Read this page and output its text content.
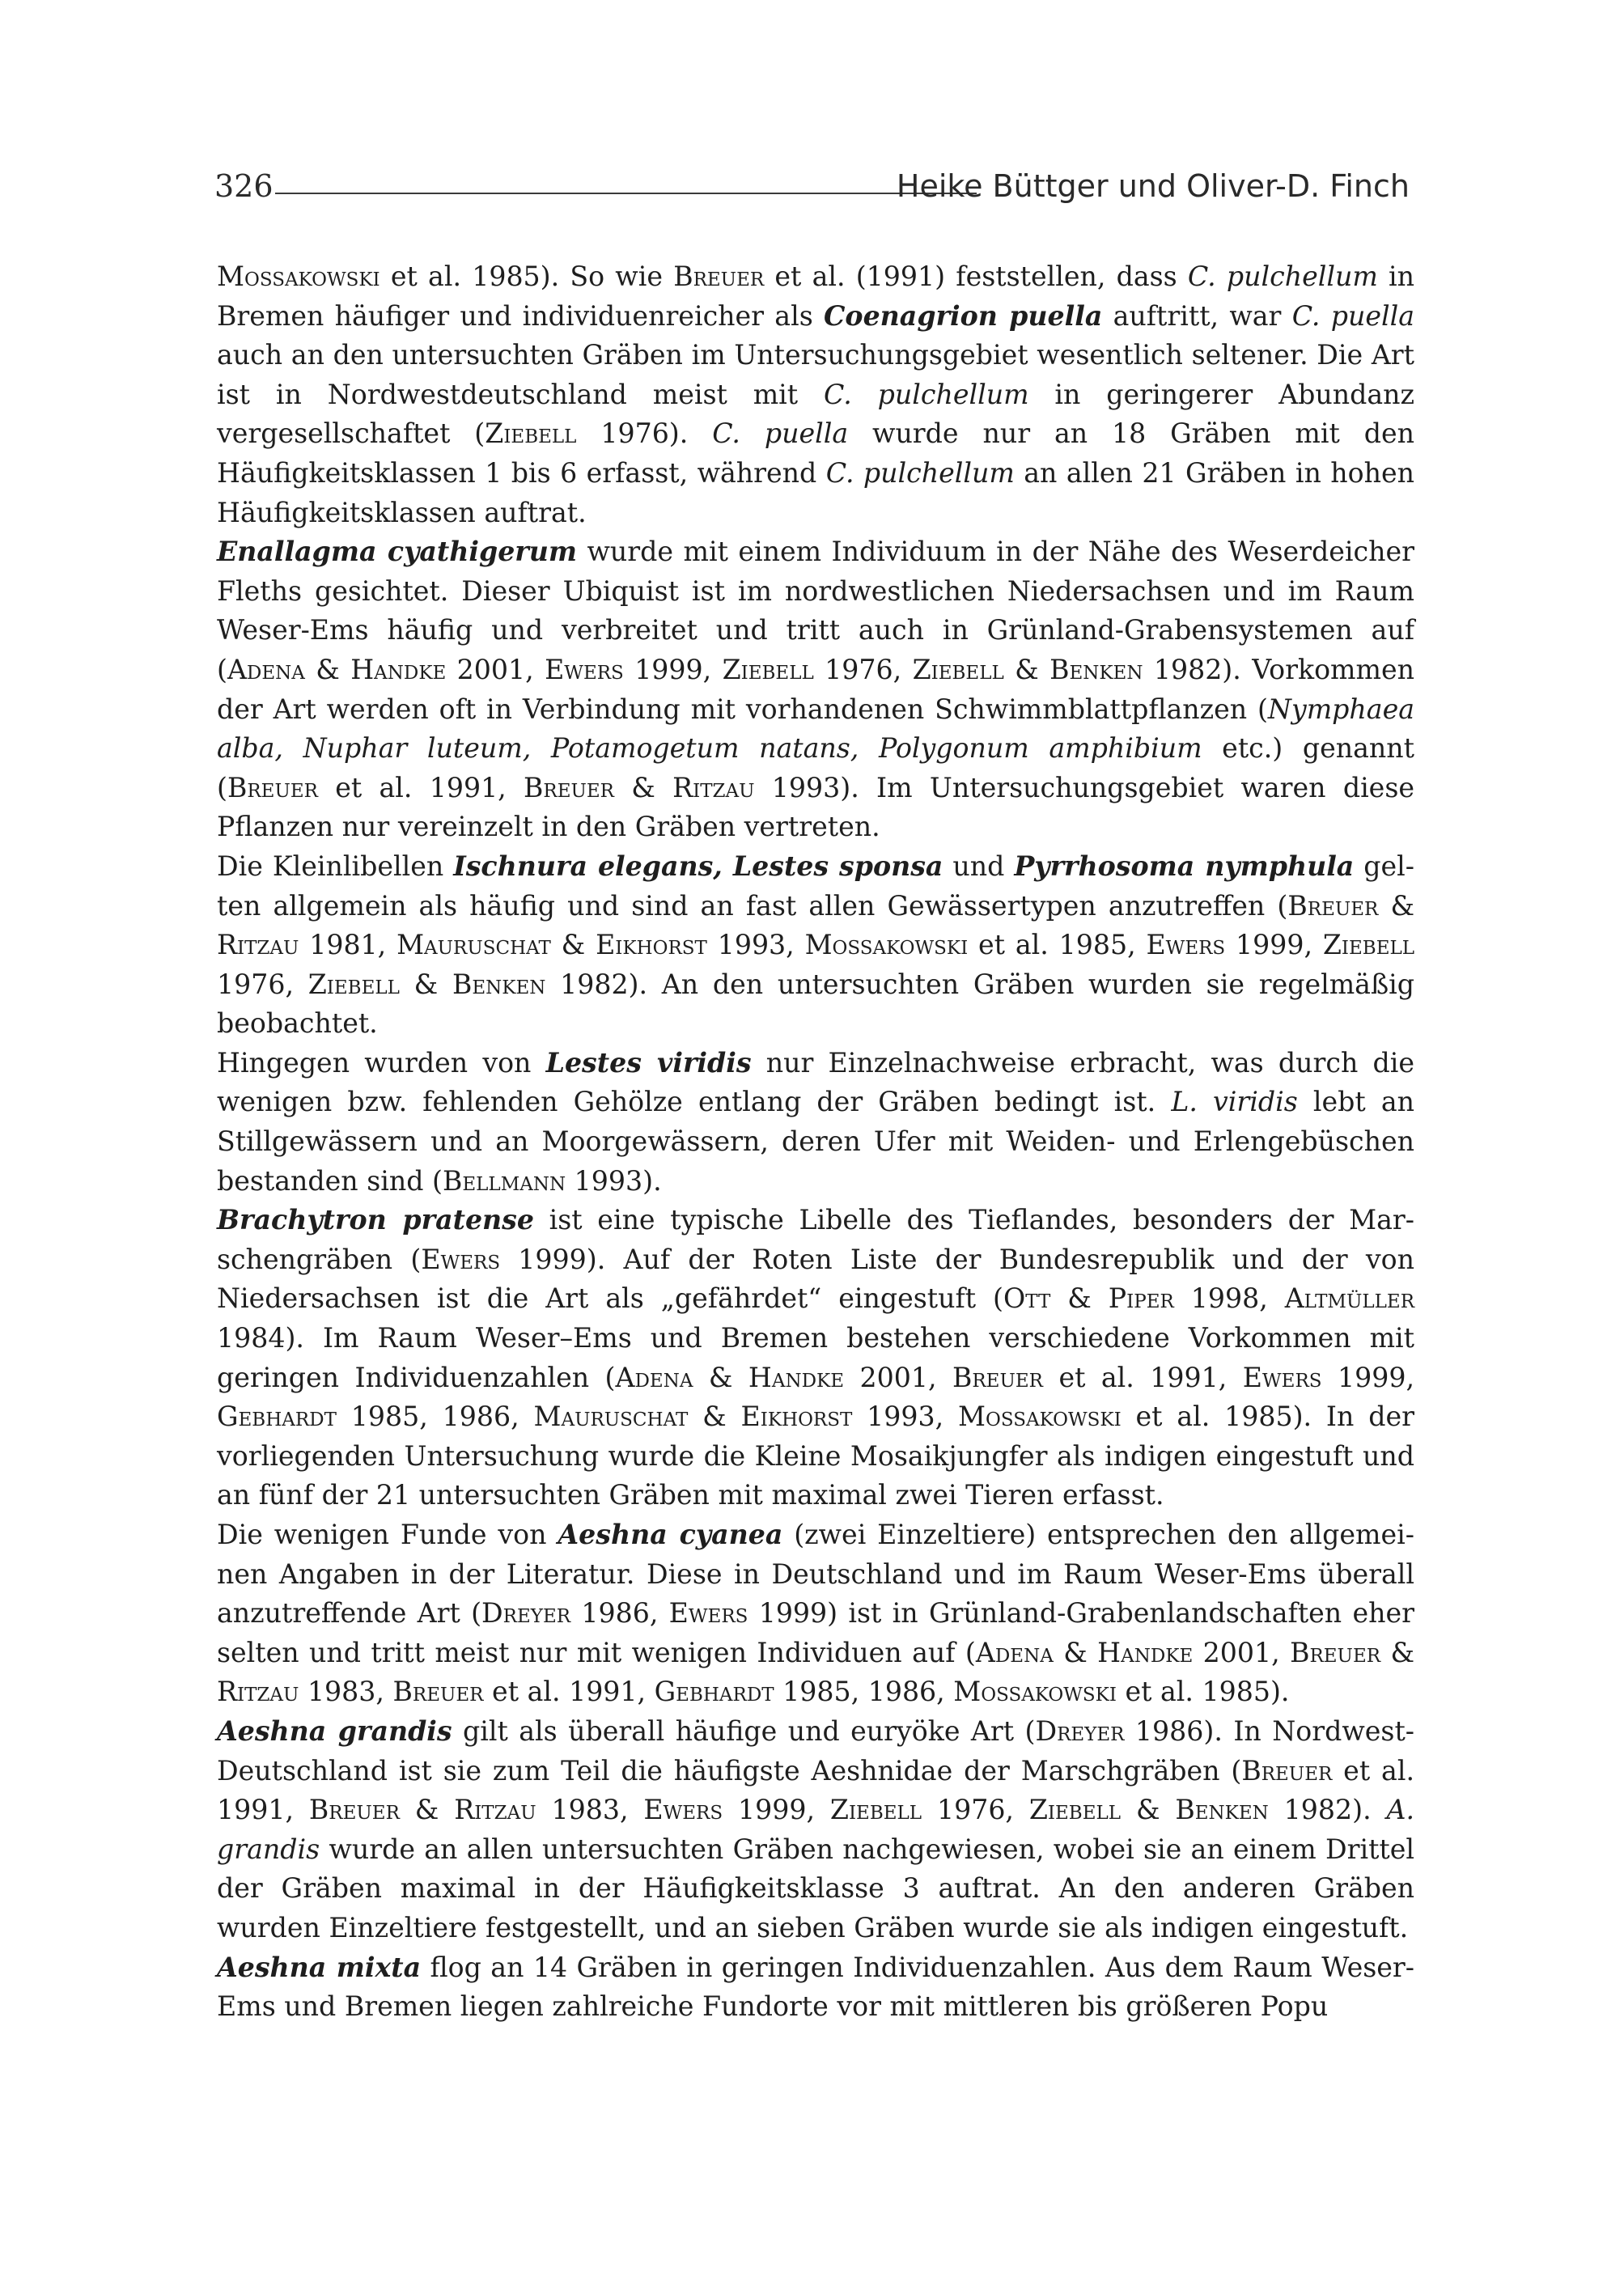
326	Heike Büttger und Oliver-D. Finch

Mossakowski et al. 1985). So wie Breuer et al. (1991) feststellen, dass C. pulchellum in Bremen häufiger und individuenreicher als Coenagrion puella auftritt, war C. puella auch an den untersuchten Gräben im Untersuchungsgebiet wesentlich seltener. Die Art ist in Nordwestdeutschland meist mit C. pulchellum in geringerer Abundanz vergesellschaftet (Ziebell 1976). C. puella wurde nur an 18 Gräben mit den Häufigkeitsklassen 1 bis 6 erfasst, während C. pulchellum an allen 21 Gräben in hohen Häufigkeitsklassen auftrat.

Enallagma cyathigerum wurde mit einem Individuum in der Nähe des Weserdeicher Fleths gesichtet. Dieser Ubiquist ist im nordwestlichen Niedersachsen und im Raum Weser-Ems häufig und verbreitet und tritt auch in Grünland-Grabensystemen auf (Adena & Handke 2001, Ewers 1999, Ziebell 1976, Ziebell & Benken 1982). Vorkommen der Art werden oft in Verbindung mit vorhandenen Schwimmblattpflanzen (Nymphaea alba, Nuphar luteum, Potamogetum natans, Polygonum amphibium etc.) genannt (Breuer et al. 1991, Breuer & Ritzau 1993). Im Untersuchungsgebiet waren diese Pflanzen nur vereinzelt in den Gräben vertreten.

Die Kleinlibellen Ischnura elegans, Lestes sponsa und Pyrrhosoma nymphula gelten allgemein als häufig und sind an fast allen Gewässertypen anzutreffen (Breuer & Ritzau 1981, Mauruschat & Eikhorst 1993, Mossakowski et al. 1985, Ewers 1999, Ziebell 1976, Ziebell & Benken 1982). An den untersuchten Gräben wurden sie regelmäßig beobachtet.

Hingegen wurden von Lestes viridis nur Einzelnachweise erbracht, was durch die wenigen bzw. fehlenden Gehölze entlang der Gräben bedingt ist. L. viridis lebt an Stillgewässern und an Moorgewässern, deren Ufer mit Weiden- und Erlengebüschen bestanden sind (Bellmann 1993).

Brachytron pratense ist eine typische Libelle des Tieflandes, besonders der Marschengräben (Ewers 1999). Auf der Roten Liste der Bundesrepublik und der von Niedersachsen ist die Art als „gefährdet“ eingestuft (Ott & Piper 1998, Altmüller 1984). Im Raum Weser–Ems und Bremen bestehen verschiedene Vorkommen mit geringen Individuenzahlen (Adena & Handke 2001, Breuer et al. 1991, Ewers 1999, Gebhardt 1985, 1986, Mauruschat & Eikhorst 1993, Mossakowski et al. 1985). In der vorliegenden Untersuchung wurde die Kleine Mosaikjungfer als indigen eingestuft und an fünf der 21 untersuchten Gräben mit maximal zwei Tieren erfasst.

Die wenigen Funde von Aeshna cyanea (zwei Einzeltiere) entsprechen den allgemeinen Angaben in der Literatur. Diese in Deutschland und im Raum Weser-Ems überall anzutreffende Art (Dreyer 1986, Ewers 1999) ist in Grünland-Grabenlandschaften eher selten und tritt meist nur mit wenigen Individuen auf (Adena & Handke 2001, Breuer & Ritzau 1983, Breuer et al. 1991, Gebhardt 1985, 1986, Mossakowski et al. 1985).

Aeshna grandis gilt als überall häufige und euryöke Art (Dreyer 1986). In Nordwest-Deutschland ist sie zum Teil die häufigste Aeshnidae der Marschgräben (Breuer et al. 1991, Breuer & Ritzau 1983, Ewers 1999, Ziebell 1976, Ziebell & Benken 1982). A. grandis wurde an allen untersuchten Gräben nachgewiesen, wobei sie an einem Drittel der Gräben maximal in der Häufigkeitsklasse 3 auftrat. An den anderen Gräben wurden Einzeltiere festgestellt, und an sieben Gräben wurde sie als indigen eingestuft.

Aeshna mixta flog an 14 Gräben in geringen Individuenzahlen. Aus dem Raum Weser-Ems und Bremen liegen zahlreiche Fundorte vor mit mittleren bis größeren Popu
